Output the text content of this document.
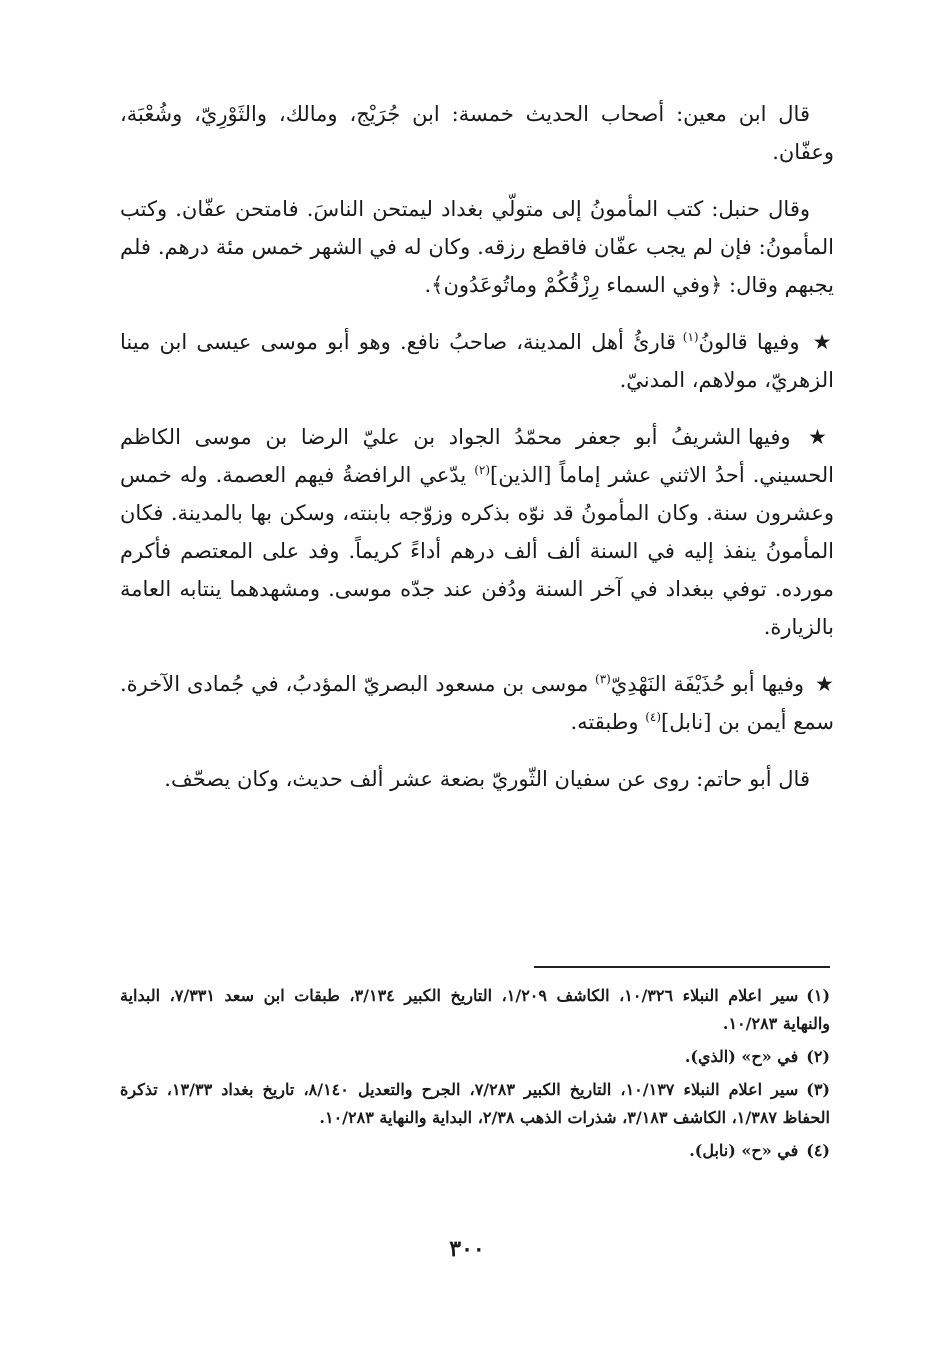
قال ابن معين: أصحاب الحديث خمسة: ابن جُرَيْج، ومالك، والثَوْرِيّ، وشُعْبَة، وعفّان.

وقال حنبل: كتب المأمونُ إلى متولّي بغداد ليمتحن الناسَ. فامتحن عفّان. وكتب المأمونُ: فإن لم يجب عفّان فاقطع رزقه. وكان له في الشهر خمس مئة درهم. فلم يجبهم وقال: ﴿وفي السماء رِزْقُكُمْ وماتُوعَدُون﴾.

★ وفيها قالونُ$^{(١)}$ قارئُ أهل المدينة، صاحبُ نافع. وهو أبو موسى عيسى ابن مينا الزهريّ، مولاهم، المدنيّ.

★ وفيها الشريفُ أبو جعفر محمّدُ الجواد بن عليّ الرضا بن موسى الكاظم الحسيني. أحدُ الاثني عشر إماماً [الذين]$^{(٢)}$ يدّعي الرافضةُ فيهم العصمة. وله خمس وعشرون سنة. وكان المأمونُ قد نوّه بذكره وزوّجه بابنته، وسكن بها بالمدينة. فكان المأمونُ ينفذ إليه في السنة ألف ألف درهم أداءً كريماً. وفد على المعتصم فأكرم مورده. توفي ببغداد في آخر السنة ودُفن عند جدّه موسى. ومشهدهما ينتابه العامة بالزيارة.

★ وفيها أبو حُذَيْفَة النَهْدِيّ$^{(٣)}$ موسى بن مسعود البصريّ المؤدبُ، في جُمادى الآخرة. سمع أيمن بن [نابل]$^{(٤)}$ وطبقته.

قال أبو حاتم: روى عن سفيان الثّوريّ بضعة عشر ألف حديث، وكان يصحّف.

(١)سير اعلام النبلاء ١٠/٣٢٦، الكاشف ١/٢٠٩، التاريخ الكبير ٣/١٣٤، طبقات ابن سعد ٧/٣٣١، البداية والنهاية ١٠/٢٨٣.

(٢)في «ح» (الذي).

(٣)سير اعلام النبلاء ١٠/١٣٧، التاريخ الكبير ٧/٢٨٣، الجرح والتعديل ٨/١٤٠، تاريخ بغداد ١٣/٣٣، تذكرة الحفاظ ١/٣٨٧، الكاشف ٣/١٨٣، شذرات الذهب ٢/٣٨، البداية والنهاية ١٠/٢٨٣.

(٤)في «ح» (نابل).

٣٠٠
